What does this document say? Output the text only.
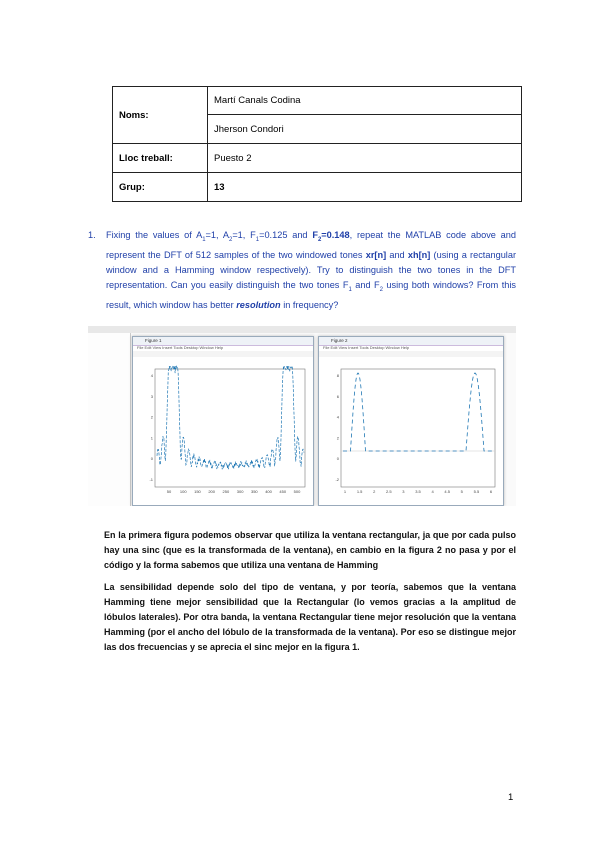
Noms:	Martí Canals Codina
	Jherson Condori
Lloc treball:	Puesto 2
Grup:	13
1. Fixing the values of $A_1=1$, $A_2=1$, $F_1=0.125$ and $F_2=0.148$, repeat the MATLAB code above and represent the DFT of 512 samples of the two windowed tones xr[n] and xh[n] (using a rectangular window and a Hamming window respectively). Try to distinguish the two tones in the DFT representation. Can you easily distinguish the two tones $F_1$ and $F_2$ using both windows? From this result, which window has better resolution in frequency?
Figure 1
File Edit View Insert Tools Desktop Window Help
4
3
2
1
0
-1
50 100 150 200 250 300 350 400 450 500
Figure 2
File Edit View Insert Tools Desktop Window Help
8
6
4
2
0
-2
1	1.5	2	2.5	3	3.5	4	4.5	5	5.5	6
En la primera figura podemos observar que utiliza la ventana rectangular, ja que por cada pulso hay una sinc (que es la transformada de la ventana), en cambio en la figura 2 no pasa y por el código y la forma sabemos que utiliza una ventana de Hamming
La sensibilidad depende solo del tipo de ventana, y por teoría, sabemos que la ventana Hamming tiene mejor sensibilidad que la Rectangular (lo vemos gracias a la amplitud de lóbulos laterales). Por otra banda, la ventana Rectangular tiene mejor resolución que la ventana Hamming (por el ancho del lóbulo de la transformada de la ventana). Por eso se distingue mejor las dos frecuencias y se aprecia el sinc mejor en la figura 1.
1
